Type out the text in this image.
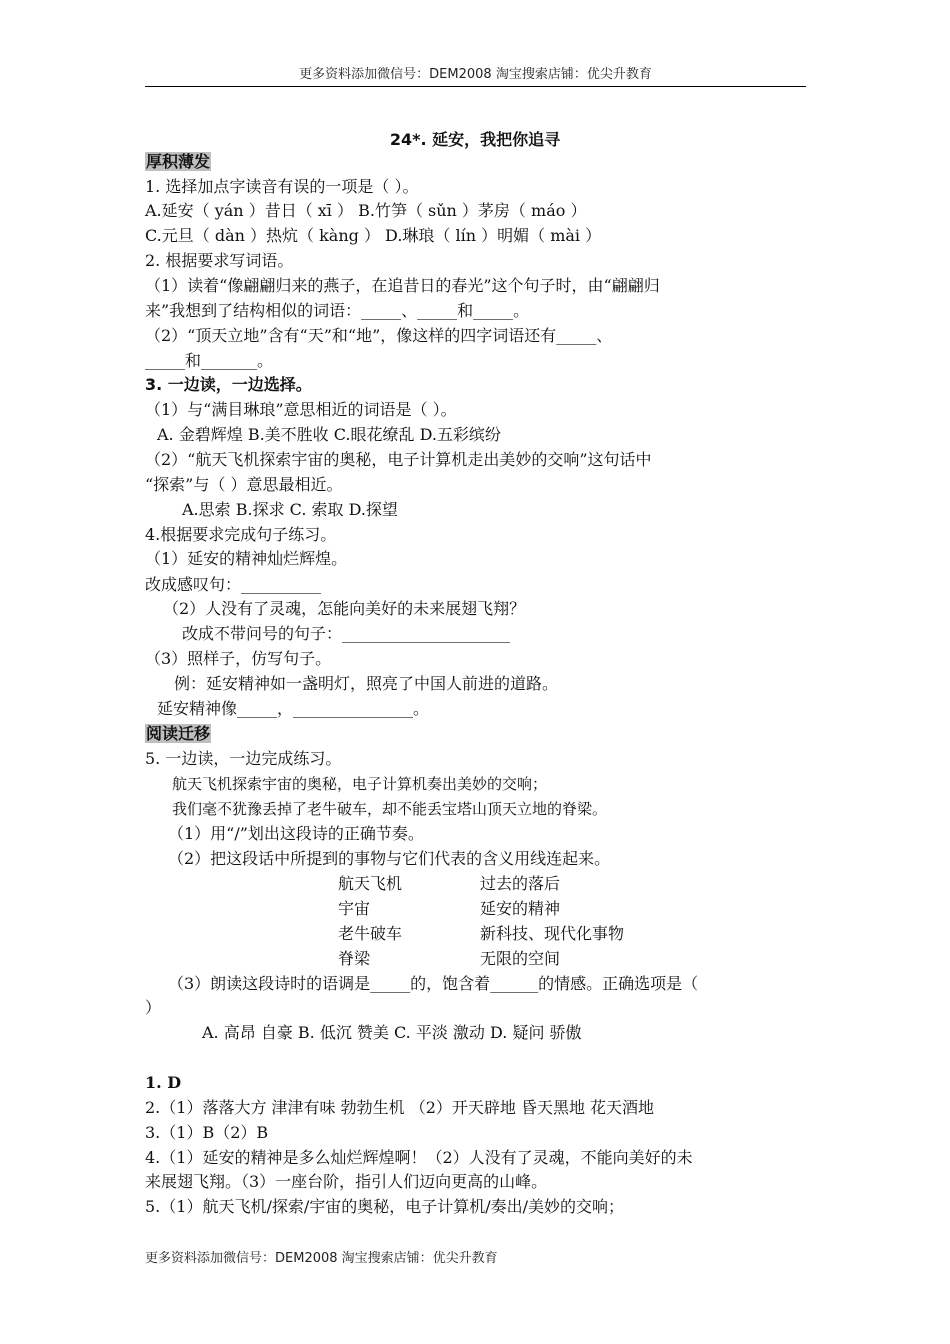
更多资料添加微信号：DEM2008 淘宝搜索店铺：优尖升教育
24*. 延安，我把你追寻
厚积薄发
1. 选择加点字读音有误的一项是（ ）。
A.延安（ yán ）昔日（ xī ） B.竹笋（ sǔn ）茅房（ máo ）
C.元旦（ dàn ）热炕（ kàng ） D.琳琅（ lín ）明媚（ mài ）
2. 根据要求写词语。
（1）读着“像翩翩归来的燕子，在追昔日的春光”这个句子时，由“翩翩归
来”我想到了结构相似的词语：_____、_____和_____。
（2）“顶天立地”含有“天”和“地”，像这样的四字词语还有_____、
_____和_______。
3. 一边读，一边选择。
（1）与“满目琳琅”意思相近的词语是（ ）。
A. 金碧辉煌 B.美不胜收 C.眼花缭乱 D.五彩缤纷
（2）“航天飞机探索宇宙的奥秘，电子计算机走出美妙的交响”这句话中
“探索”与（ ）意思最相近。
A.思索 B.探求 C. 索取 D.探望
4.根据要求完成句子练习。
（1）延安的精神灿烂辉煌。
改成感叹句：__________
（2）人没有了灵魂，怎能向美好的未来展翅飞翔？
改成不带问号的句子：_____________________
（3）照样子，仿写句子。
例：延安精神如一盏明灯，照亮了中国人前进的道路。
延安精神像_____，_______________。
阅读迁移
5. 一边读，一边完成练习。
航天飞机探索宇宙的奥秘，电子计算机奏出美妙的交响；
我们毫不犹豫丢掉了老牛破车，却不能丢宝塔山顶天立地的脊梁。
（1）用“/”划出这段诗的正确节奏。
（2）把这段话中所提到的事物与它们代表的含义用线连起来。
航天飞机	过去的落后
宇宙	延安的精神
老牛破车	新科技、现代化事物
脊梁	无限的空间
（3）朗读这段诗时的语调是_____的，饱含着______的情感。正确选项是（
）
A. 高昂 自豪 B. 低沉 赞美 C. 平淡 激动 D. 疑问 骄傲
1. D
2.（1）落落大方 津津有味 勃勃生机 （2）开天辟地 昏天黑地 花天酒地
3.（1）B（2）B
4.（1）延安的精神是多么灿烂辉煌啊！（2）人没有了灵魂，不能向美好的未
来展翅飞翔。（3）一座台阶，指引人们迈向更高的山峰。
5.（1）航天飞机/探索/宇宙的奥秘，电子计算机/奏出/美妙的交响；
更多资料添加微信号：DEM2008 淘宝搜索店铺：优尖升教育
